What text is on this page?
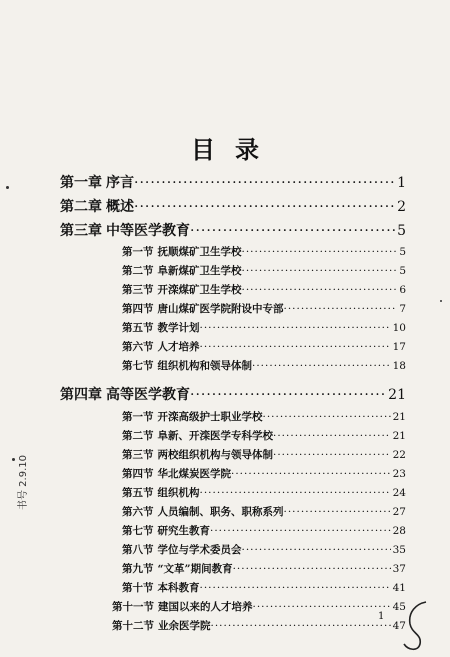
目 录
第一章 序言 ·····	1
第二章 概述 ·····	2
第三章 中等医学教育 ·····	5
第一节 抚顺煤矿卫生学校 ·····	5
第二节 阜新煤矿卫生学校 ·····	5
第三节 开滦煤矿卫生学校 ·····	6
第四节 唐山煤矿医学院附设中专部 ·····	7
第五节 教学计划 ·····	10
第六节 人才培养 ·····	17
第七节 组织机构和领导体制 ·····	18
第四章 高等医学教育 ·····	21
第一节 开滦高级护士职业学校 ·····	21
第二节 阜新、开滦医学专科学校 ·····	21
第三节 两校组织机构与领导体制 ·····	22
第四节 华北煤炭医学院 ·····	23
第五节 组织机构 ·····	24
第六节 人员编制、职务、职称系列 ·····	27
第七节 研究生教育 ·····	28
第八节 学位与学术委员会 ·····	35
第九节 “文革”期间教育 ·····	37
第十节 本科教育 ·····	41
第十一节 建国以来的人才培养 ·····	45
第十二节 业余医学院 ·····	47
1
书号 2.9.10
